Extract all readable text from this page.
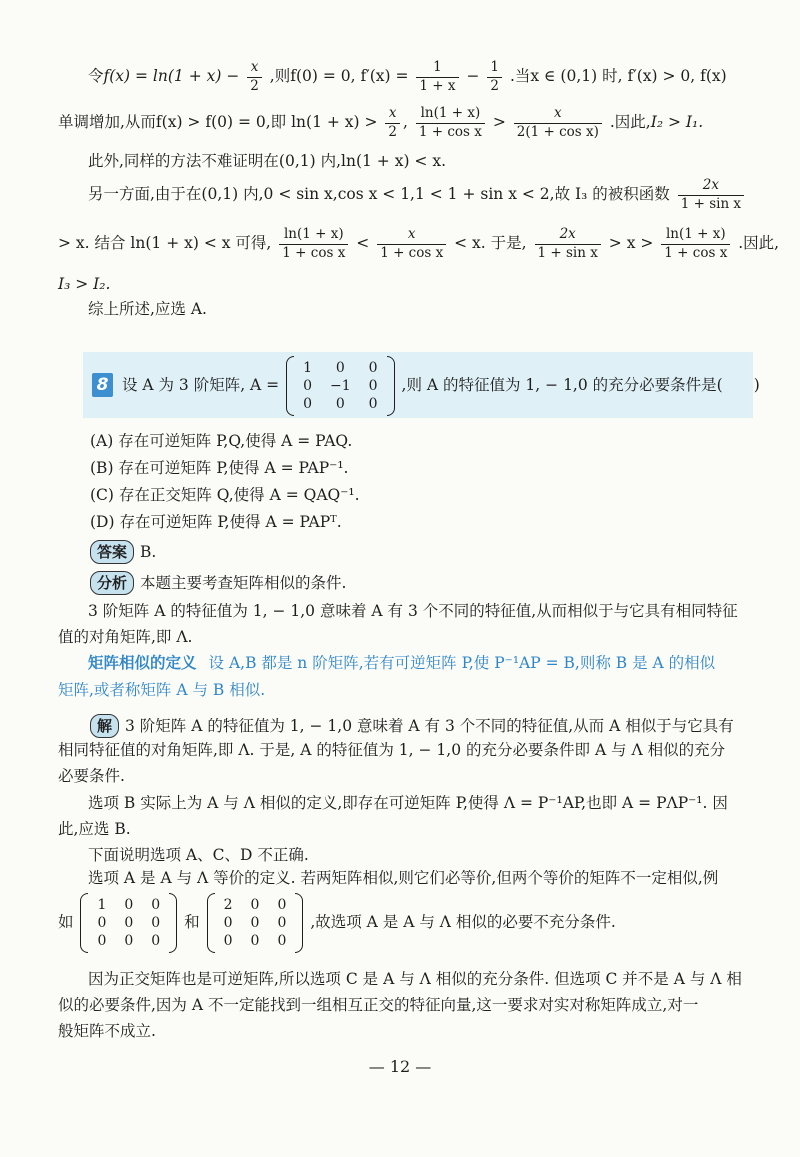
令$f(x) = \ln(1 + x) - \frac{x}{2}$ ,则f(0) = 0, $f'(x) = \frac{1}{1 + x} - \frac{1}{2}$ .当x ∈ (0,1) 时, f′(x) > 0, f(x)
单调增加,从而f(x) > f(0) = 0,即 $\ln(1 + x) > \frac{x}{2}$ , $\frac{\ln(1 + x)}{\text{1 + cos x}} > \frac{x}{\text{2(1 + cos x)}}$ .因此,I₂ > I₁.
此外,同样的方法不难证明在(0,1) 内,ln(1 + x) < x.
另一方面,由于在(0,1) 内,0 < sin x,cos x < 1,1 < 1 + sin x < 2,故 I₃ 的被积函数 $\frac{2x}{\text{1 + sin x}}$
> x. 结合 ln(1 + x) < x 可得, $\frac{\ln(1 + x)}{\text{1 + cos x}} < \frac{x}{\text{1 + cos x}} < x$. 于是, $\frac{2x}{\text{1 + sin x}} > x > \frac{\ln(1 + x)}{\text{1 + cos x}}$ .因此,
I₃ > I₂.
综上所述,应选 A.
8 设 A 为 3 阶矩阵, A =
1	0	0
0	−1	0
0	0	0
,则 A 的特征值为 1, − 1,0 的充分必要条件是(　　)
(A) 存在可逆矩阵 P,Q,使得 A = PAQ.
(B) 存在可逆矩阵 P,使得 A = PAP⁻¹.
(C) 存在正交矩阵 Q,使得 A = QAQ⁻¹.
(D) 存在可逆矩阵 P,使得 A = PAPᵀ.
答案 B.
分析 本题主要考查矩阵相似的条件.
3 阶矩阵 A 的特征值为 1, − 1,0 意味着 A 有 3 个不同的特征值,从而相似于与它具有相同特征
值的对角矩阵,即 Λ.
矩阵相似的定义 设 A,B 都是 n 阶矩阵,若有可逆矩阵 P,使 P⁻¹AP = B,则称 B 是 A 的相似
矩阵,或者称矩阵 A 与 B 相似.
解 3 阶矩阵 A 的特征值为 1, − 1,0 意味着 A 有 3 个不同的特征值,从而 A 相似于与它具有
相同特征值的对角矩阵,即 Λ. 于是, A 的特征值为 1, − 1,0 的充分必要条件即 A 与 Λ 相似的充分
必要条件.
选项 B 实际上为 A 与 Λ 相似的定义,即存在可逆矩阵 P,使得 Λ = P⁻¹AP,也即 A = PΛP⁻¹. 因
此,应选 B.
下面说明选项 A、C、D 不正确.
选项 A 是 A 与 Λ 等价的定义. 若两矩阵相似,则它们必等价,但两个等价的矩阵不一定相似,例
如
1	0	0
0	0	0
0	0	0
和
2	0	0
0	0	0
0	0	0
,故选项 A 是 A 与 Λ 相似的必要不充分条件.
因为正交矩阵也是可逆矩阵,所以选项 C 是 A 与 Λ 相似的充分条件. 但选项 C 并不是 A 与 Λ 相
似的必要条件,因为 A 不一定能找到一组相互正交的特征向量,这一要求对实对称矩阵成立,对一
般矩阵不成立.
— 12 —
